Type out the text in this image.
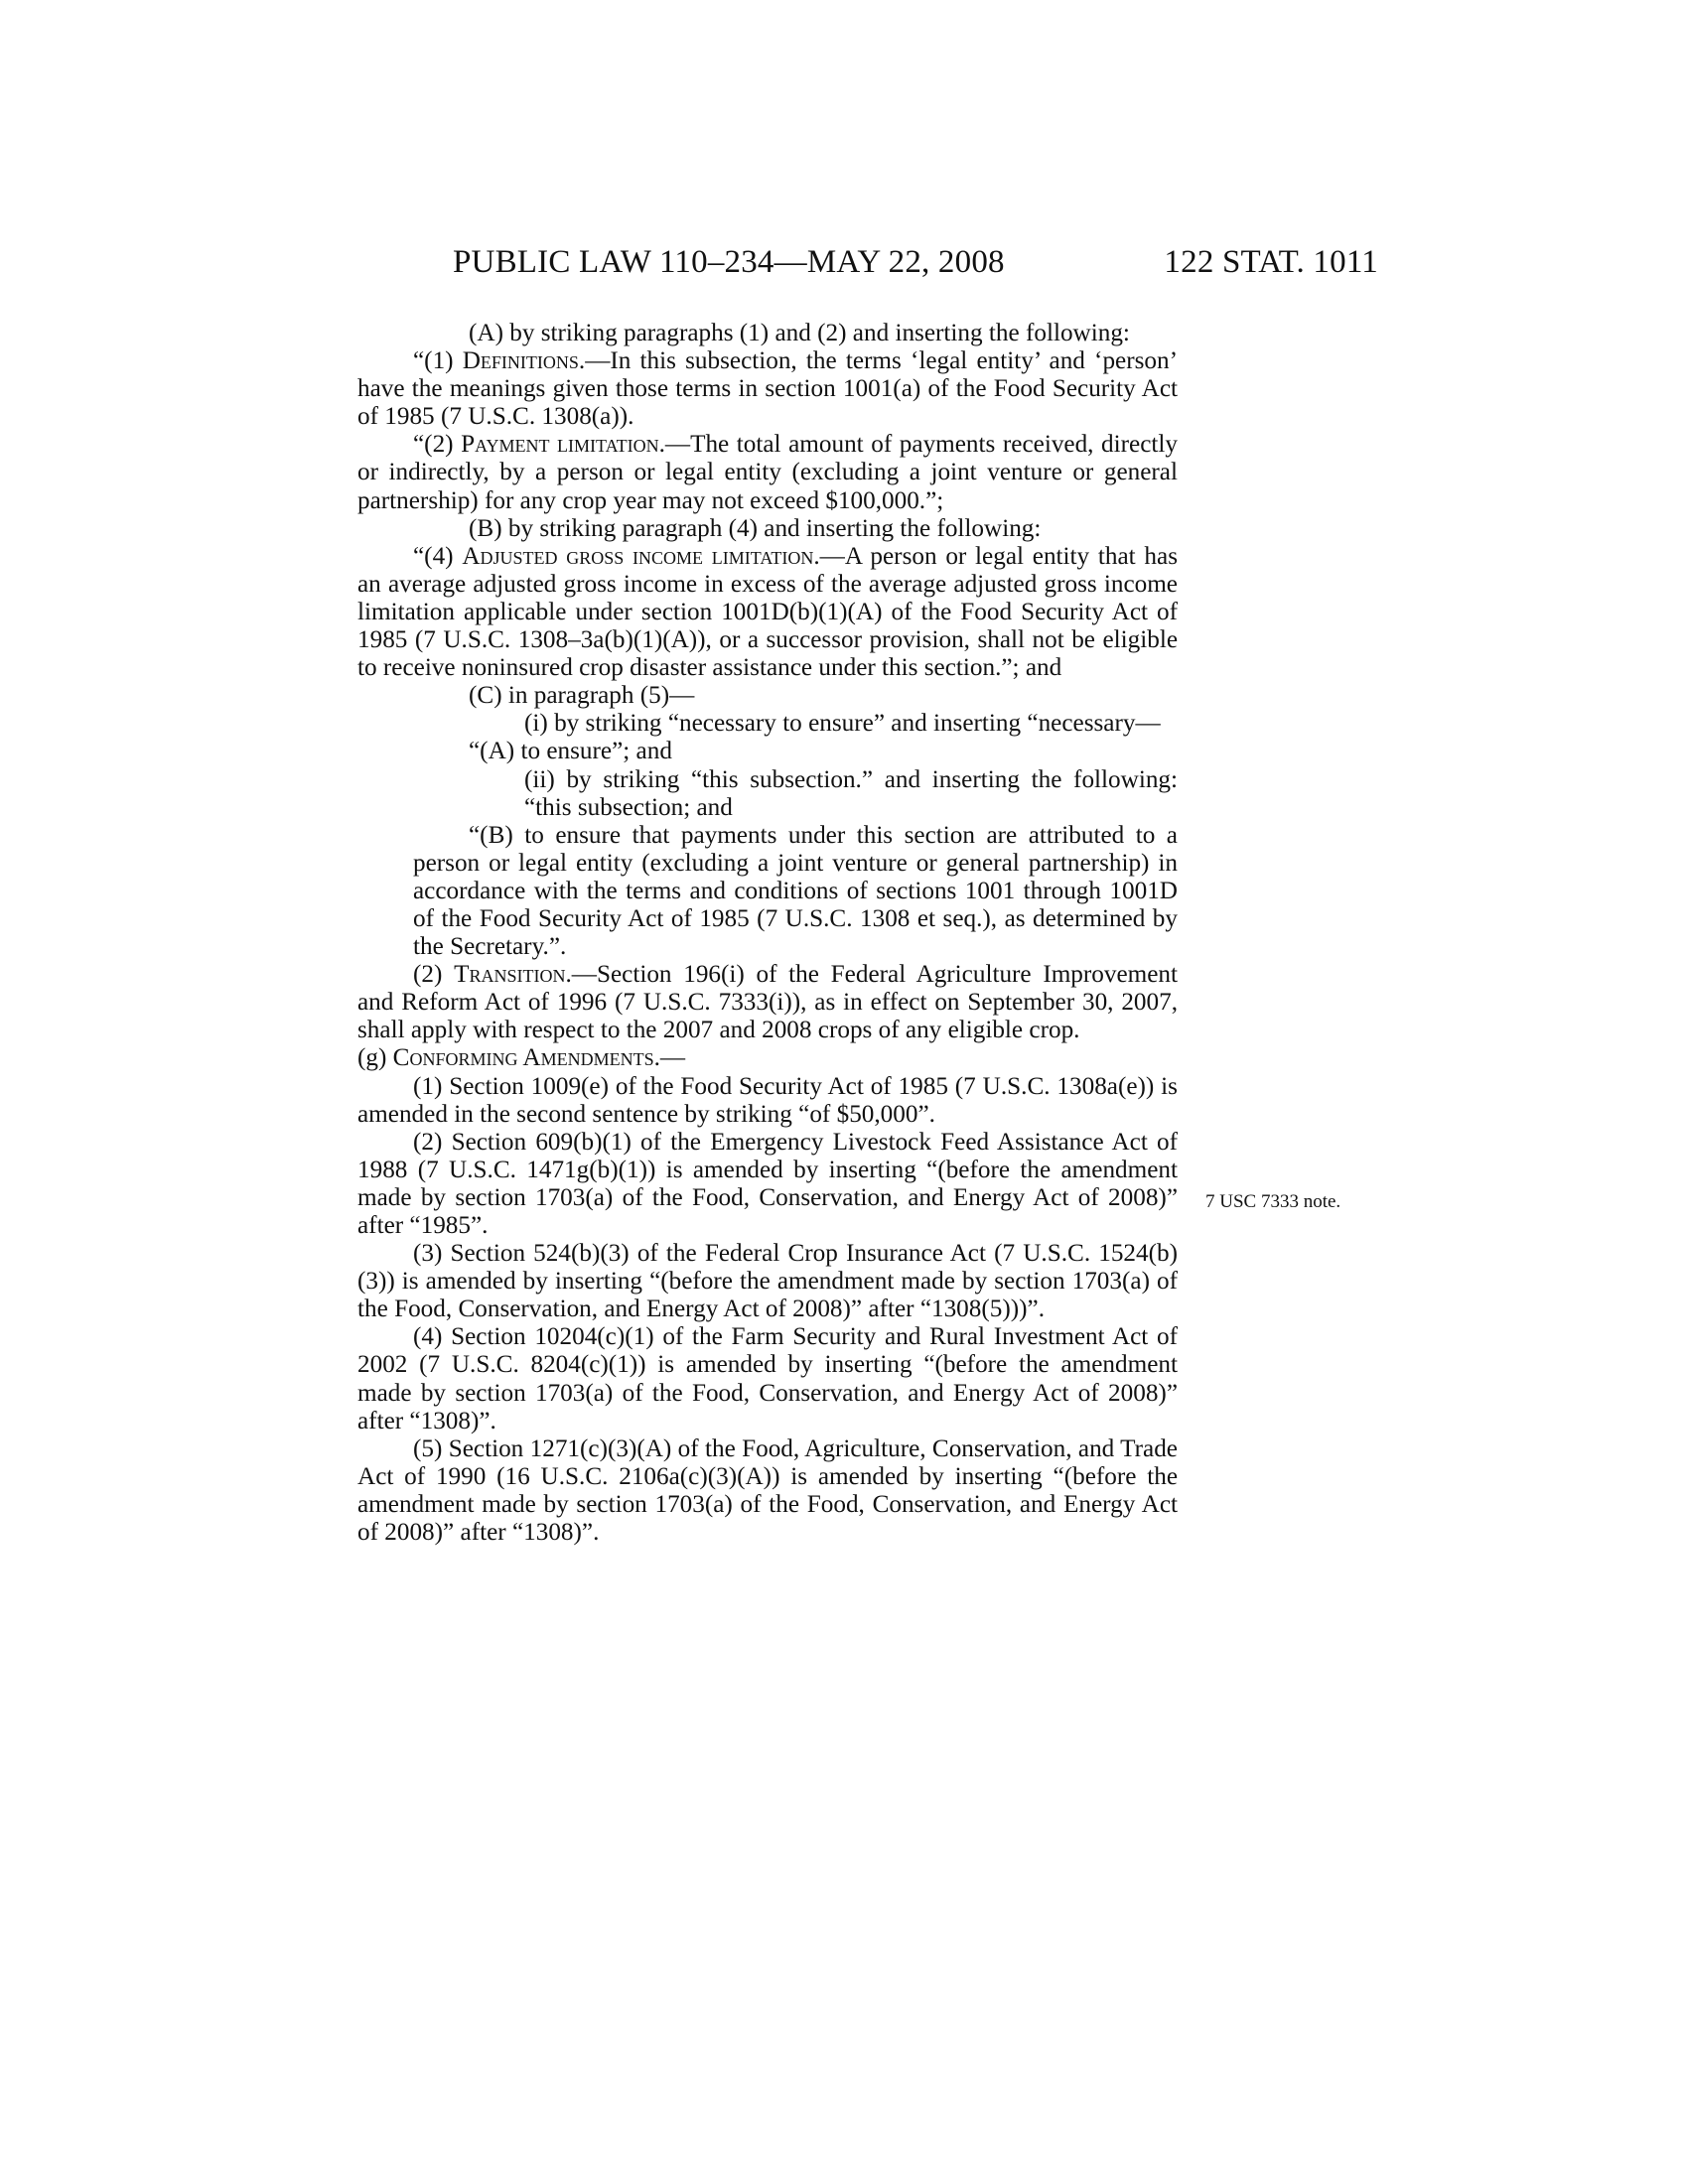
PUBLIC LAW 110–234—MAY 22, 2008	122 STAT. 1011

(A) by striking paragraphs (1) and (2) and inserting the following:

“(1) Definitions.—In this subsection, the terms ‘legal entity’ and ‘person’ have the meanings given those terms in section 1001(a) of the Food Security Act of 1985 (7 U.S.C. 1308(a)).

“(2) Payment limitation.—The total amount of payments received, directly or indirectly, by a person or legal entity (excluding a joint venture or general partnership) for any crop year may not exceed $100,000.”;

(B) by striking paragraph (4) and inserting the following:

“(4) Adjusted gross income limitation.—A person or legal entity that has an average adjusted gross income in excess of the average adjusted gross income limitation applicable under section 1001D(b)(1)(A) of the Food Security Act of 1985 (7 U.S.C. 1308–3a(b)(1)(A)), or a successor provision, shall not be eligible to receive noninsured crop disaster assistance under this section.”; and

(C) in paragraph (5)—

(i) by striking “necessary to ensure” and inserting “necessary—

“(A) to ensure”; and

(ii) by striking “this subsection.” and inserting the following: “this subsection; and

“(B) to ensure that payments under this section are attributed to a person or legal entity (excluding a joint venture or general partnership) in accordance with the terms and conditions of sections 1001 through 1001D of the Food Security Act of 1985 (7 U.S.C. 1308 et seq.), as determined by the Secretary.”.

(2) Transition.—Section 196(i) of the Federal Agriculture Improvement and Reform Act of 1996 (7 U.S.C. 7333(i)), as in effect on September 30, 2007, shall apply with respect to the 2007 and 2008 crops of any eligible crop.

(g) Conforming Amendments.—

(1) Section 1009(e) of the Food Security Act of 1985 (7 U.S.C. 1308a(e)) is amended in the second sentence by striking “of $50,000”.

(2) Section 609(b)(1) of the Emergency Livestock Feed Assistance Act of 1988 (7 U.S.C. 1471g(b)(1)) is amended by inserting “(before the amendment made by section 1703(a) of the Food, Conservation, and Energy Act of 2008)” after “1985”.

(3) Section 524(b)(3) of the Federal Crop Insurance Act (7 U.S.C. 1524(b)(3)) is amended by inserting “(before the amendment made by section 1703(a) of the Food, Conservation, and Energy Act of 2008)” after “1308(5)))”.

(4) Section 10204(c)(1) of the Farm Security and Rural Investment Act of 2002 (7 U.S.C. 8204(c)(1)) is amended by inserting “(before the amendment made by section 1703(a) of the Food, Conservation, and Energy Act of 2008)” after “1308)”.

(5) Section 1271(c)(3)(A) of the Food, Agriculture, Conservation, and Trade Act of 1990 (16 U.S.C. 2106a(c)(3)(A)) is amended by inserting “(before the amendment made by section 1703(a) of the Food, Conservation, and Energy Act of 2008)” after “1308)”.

7 USC 7333 note.
